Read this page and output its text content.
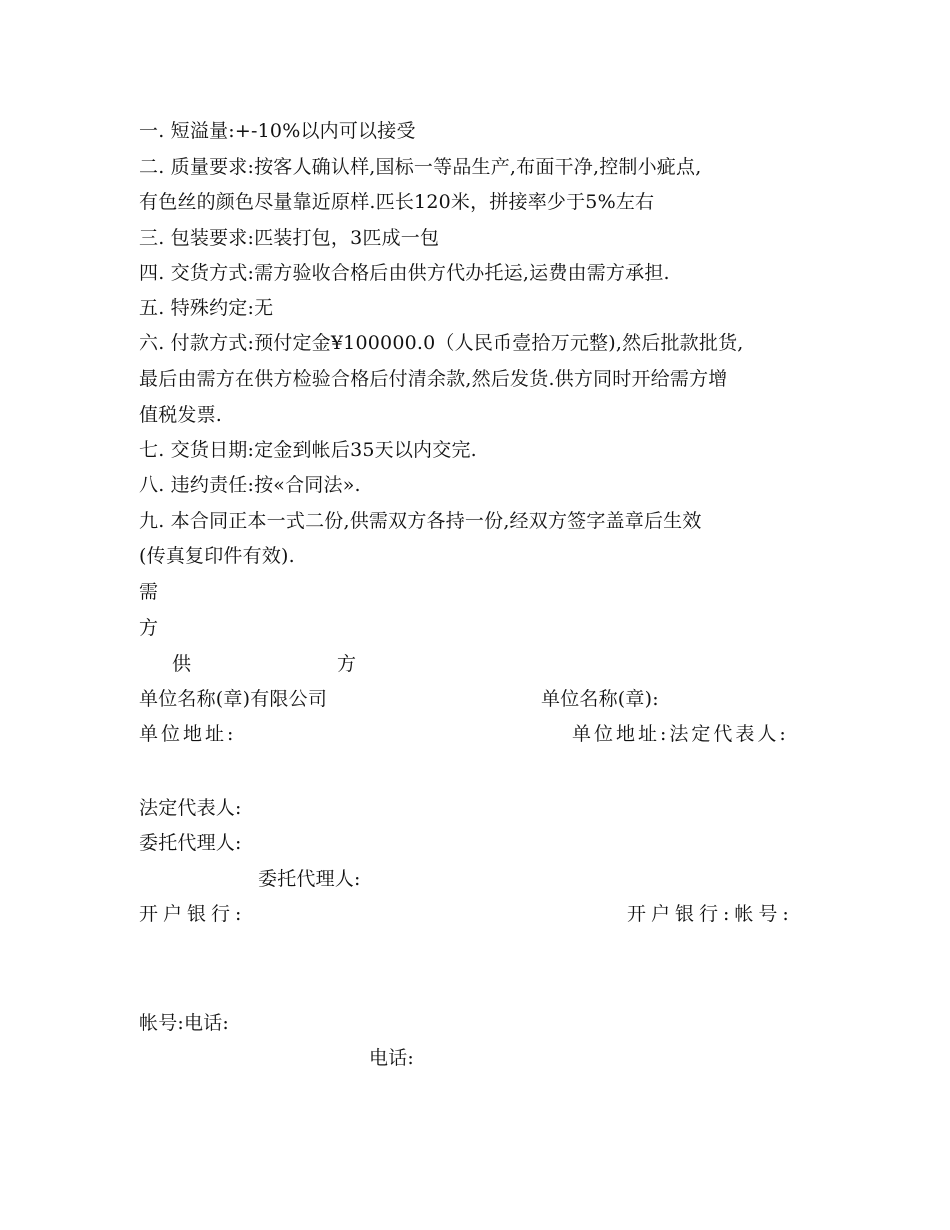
一. 短溢量:+-10%以内可以接受
二. 质量要求:按客人确认样,国标一等品生产,布面干净,控制小疵点,
有色丝的颜色尽量靠近原样.匹长120米，拼接率少于5%左右
三. 包装要求:匹装打包，3匹成一包
四. 交货方式:需方验收合格后由供方代办托运,运费由需方承担.
五. 特殊约定:无
六. 付款方式:预付定金¥100000.0（人民币壹拾万元整),然后批款批货,
最后由需方在供方检验合格后付清余款,然后发货.供方同时开给需方增
值税发票.
七. 交货日期:定金到帐后35天以内交完.
八. 违约责任:按«合同法».
九. 本合同正本一式二份,供需双方各持一份,经双方签字盖章后生效
(传真复印件有效).
需
方
供	方
单位名称(章)有限公司	单位名称(章):
单位地址:	单位地址:法定代表人:
法定代表人:
委托代理人:
委托代理人:
开户银行:	开户银行:帐号:
帐号:电话:
电话:
